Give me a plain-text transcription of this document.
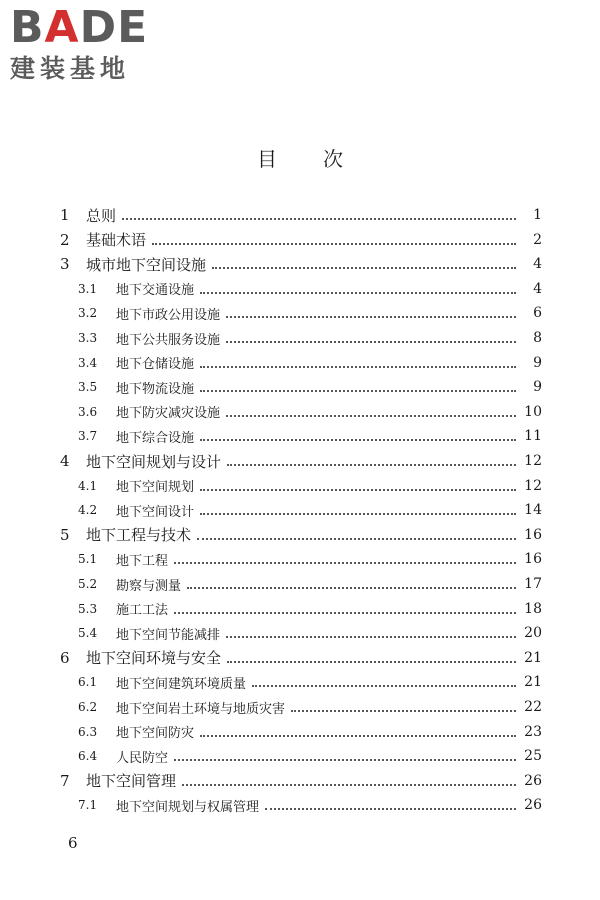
BADE
建装基地
目次
1	总则	1
2	基础术语	2
3	城市地下空间设施	4
3.1	地下交通设施	4
3.2	地下市政公用设施	6
3.3	地下公共服务设施	8
3.4	地下仓储设施	9
3.5	地下物流设施	9
3.6	地下防灾减灾设施	10
3.7	地下综合设施	11
4	地下空间规划与设计	12
4.1	地下空间规划	12
4.2	地下空间设计	14
5	地下工程与技术	16
5.1	地下工程	16
5.2	勘察与测量	17
5.3	施工工法	18
5.4	地下空间节能减排	20
6	地下空间环境与安全	21
6.1	地下空间建筑环境质量	21
6.2	地下空间岩土环境与地质灾害	22
6.3	地下空间防灾	23
6.4	人民防空	25
7	地下空间管理	26
7.1	地下空间规划与权属管理	26
6
